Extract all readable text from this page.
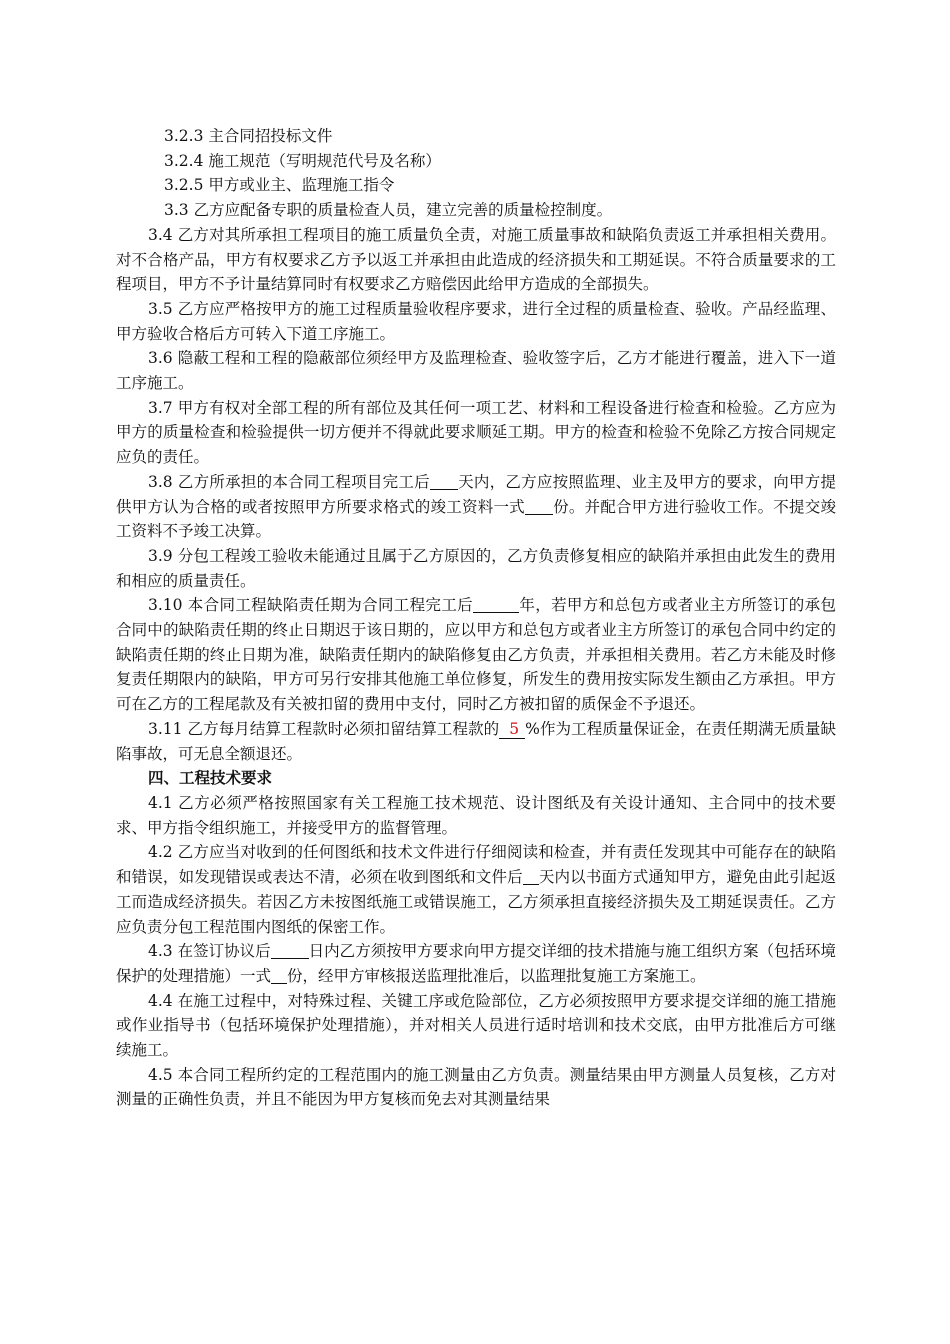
3.2.3 主合同招投标文件

3.2.4 施工规范（写明规范代号及名称）

3.2.5 甲方或业主、监理施工指令

3.3 乙方应配备专职的质量检查人员，建立完善的质量检控制度。

3.4 乙方对其所承担工程项目的施工质量负全责，对施工质量事故和缺陷负责返工并承担相关费用。对不合格产品，甲方有权要求乙方予以返工并承担由此造成的经济损失和工期延误。不符合质量要求的工程项目，甲方不予计量结算同时有权要求乙方赔偿因此给甲方造成的全部损失。

3.5 乙方应严格按甲方的施工过程质量验收程序要求，进行全过程的质量检查、验收。产品经监理、甲方验收合格后方可转入下道工序施工。

3.6 隐蔽工程和工程的隐蔽部位须经甲方及监理检查、验收签字后，乙方才能进行覆盖，进入下一道工序施工。

3.7 甲方有权对全部工程的所有部位及其任何一项工艺、材料和工程设备进行检查和检验。乙方应为甲方的质量检查和检验提供一切方便并不得就此要求顺延工期。甲方的检查和检验不免除乙方按合同规定应负的责任。

3.8 乙方所承担的本合同工程项目完工后 天内，乙方应按照监理、业主及甲方的要求，向甲方提供甲方认为合格的或者按照甲方所要求格式的竣工资料一式 份。并配合甲方进行验收工作。不提交竣工资料不予竣工决算。

3.9 分包工程竣工验收未能通过且属于乙方原因的，乙方负责修复相应的缺陷并承担由此发生的费用和相应的质量责任。

3.10 本合同工程缺陷责任期为合同工程完工后	年，若甲方和总包方或者业主方所签订的承包合同中的缺陷责任期的终止日期迟于该日期的，应以甲方和总包方或者业主方所签订的承包合同中约定的缺陷责任期的终止日期为准，缺陷责任期内的缺陷修复由乙方负责，并承担相关费用。若乙方未能及时修复责任期限内的缺陷，甲方可另行安排其他施工单位修复，所发生的费用按实际发生额由乙方承担。甲方可在乙方的工程尾款及有关被扣留的费用中支付，同时乙方被扣留的质保金不予退还。

3.11 乙方每月结算工程款时必须扣留结算工程款的 5 %作为工程质量保证金，在责任期满无质量缺陷事故，可无息全额退还。

四、工程技术要求

4.1 乙方必须严格按照国家有关工程施工技术规范、设计图纸及有关设计通知、主合同中的技术要求、甲方指令组织施工，并接受甲方的监督管理。

4.2 乙方应当对收到的任何图纸和技术文件进行仔细阅读和检查，并有责任发现其中可能存在的缺陷和错误，如发现错误或表达不清，必须在收到图纸和文件后 天内以书面方式通知甲方，避免由此引起返工而造成经济损失。若因乙方未按图纸施工或错误施工，乙方须承担直接经济损失及工期延误责任。乙方应负责分包工程范围内图纸的保密工作。

4.3 在签订协议后 日内乙方须按甲方要求向甲方提交详细的技术措施与施工组织方案（包括环境保护的处理措施）一式 份，经甲方审核报送监理批准后，以监理批复施工方案施工。

4.4 在施工过程中，对特殊过程、关键工序或危险部位，乙方必须按照甲方要求提交详细的施工措施或作业指导书（包括环境保护处理措施），并对相关人员进行适时培训和技术交底，由甲方批准后方可继续施工。

4.5 本合同工程所约定的工程范围内的施工测量由乙方负责。测量结果由甲方测量人员复核，乙方对测量的正确性负责，并且不能因为甲方复核而免去对其测量结果
